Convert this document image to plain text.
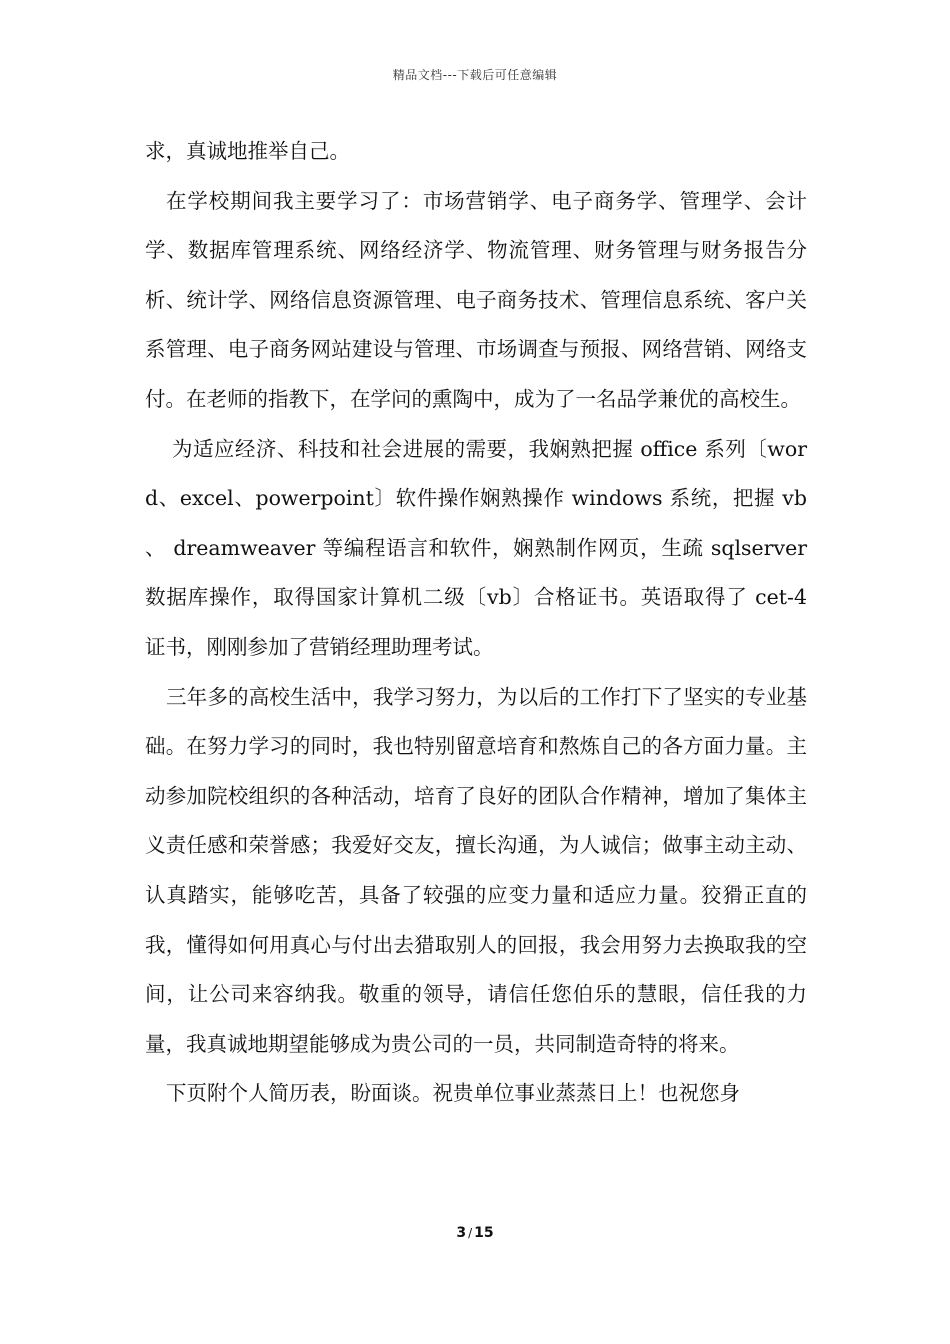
精品文档---下载后可任意编辑

求，真诚地推举自己。

在学校期间我主要学习了：市场营销学、电子商务学、管理学、会计学、数据库管理系统、网络经济学、物流管理、财务管理与财务报告分析、统计学、网络信息资源管理、电子商务技术、管理信息系统、客户关系管理、电子商务网站建设与管理、市场调查与预报、网络营销、网络支付。在老师的指教下，在学问的熏陶中，成为了一名品学兼优的高校生。

为适应经济、科技和社会进展的需要，我娴熟把握 office 系列〔word、excel、powerpoint〕软件操作娴熟操作 windows 系统，把握 vb 、 dreamweaver 等编程语言和软件，娴熟制作网页，生疏 sqlserver 数据库操作，取得国家计算机二级〔vb〕合格证书。英语取得了 cet-4 证书，刚刚参加了营销经理助理考试。

三年多的高校生活中，我学习努力，为以后的工作打下了坚实的专业基础。在努力学习的同时，我也特别留意培育和熬炼自己的各方面力量。主动参加院校组织的各种活动，培育了良好的团队合作精神，增加了集体主义责任感和荣誉感；我爱好交友，擅长沟通，为人诚信；做事主动主动、认真踏实，能够吃苦，具备了较强的应变力量和适应力量。狡猾正直的我，懂得如何用真心与付出去猎取别人的回报，我会用努力去换取我的空间，让公司来容纳我。敬重的领导，请信任您伯乐的慧眼，信任我的力量，我真诚地期望能够成为贵公司的一员，共同制造奇特的将来。

下页附个人简历表，盼面谈。祝贵单位事业蒸蒸日上！也祝您身

3 / 15
